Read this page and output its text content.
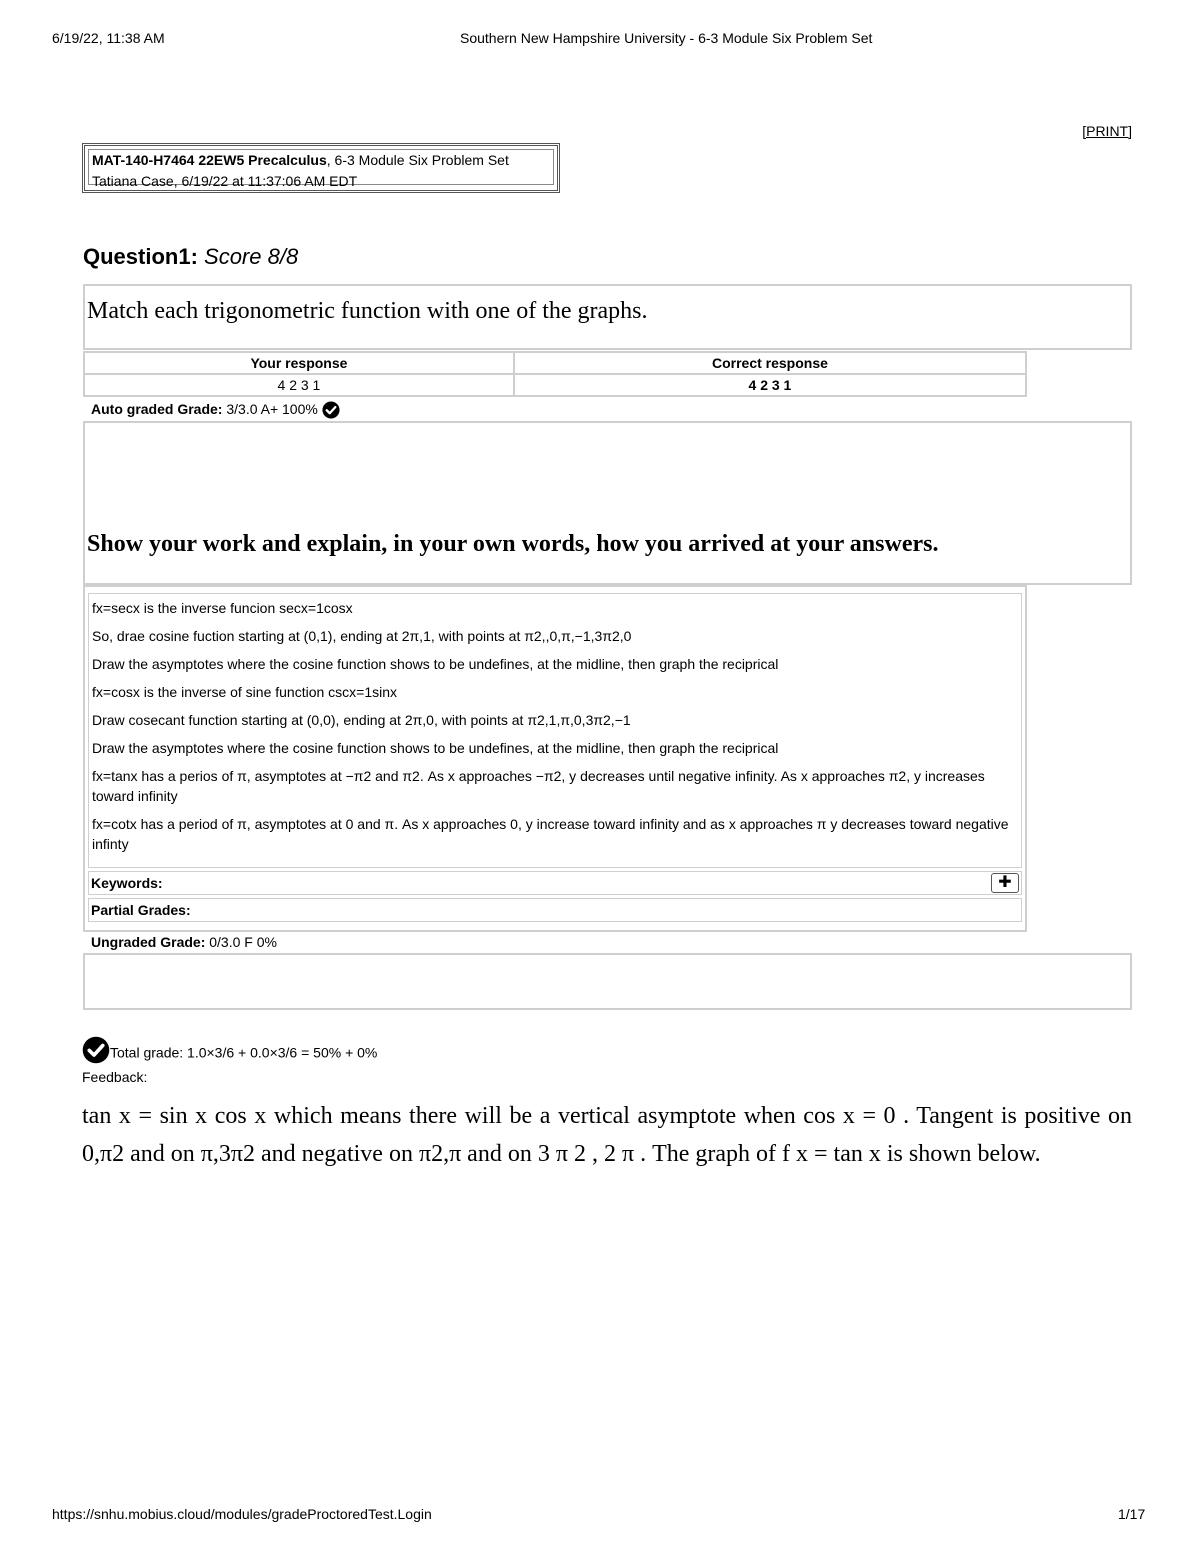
6/19/22, 11:38 AM	Southern New Hampshire University - 6-3 Module Six Problem Set
[PRINT]
MAT-140-H7464 22EW5 Precalculus, 6-3 Module Six Problem Set
Tatiana Case, 6/19/22 at 11:37:06 AM EDT
Question1: Score 8/8
Match each trigonometric function with one of the graphs.
Your response	Correct response
4 2 3 1	4 2 3 1
Auto graded Grade: 3/3.0 A+ 100%
Show your work and explain, in your own words, how you arrived at your answers.

fx=secx is the inverse funcion secx=1cosx

So, drae cosine fuction starting at (0,1), ending at 2π,1, with points at π2,,0,π,−1,3π2,0

Draw the asymptotes where the cosine function shows to be undefines, at the midline, then graph the reciprical

fx=cosx is the inverse of sine function cscx=1sinx

Draw cosecant function starting at (0,0), ending at 2π,0, with points at π2,1,π,0,3π2,−1

Draw the asymptotes where the cosine function shows to be undefines, at the midline, then graph the reciprical

fx=tanx has a perios of π, asymptotes at −π2 and π2. As x approaches −π2, y decreases until negative infinity. As x approaches π2, y increases toward infinity

fx=cotx has a period of π, asymptotes at 0 and π. As x approaches 0, y increase toward infinity and as x approaches π y decreases toward negative infinty

Keywords:	✚
Partial Grades:
Ungraded Grade: 0/3.0 F 0%
Total grade: 1.0×3/6 + 0.0×3/6 = 50% + 0%
Feedback:
tan x = sin x cos x which means there will be a vertical asymptote when cos x = 0 . Tangent is positive on 0,π2 and on π,3π2 and negative on π2,π and on 3 π 2 , 2 π . The graph of f x = tan x is shown below.
https://snhu.mobius.cloud/modules/gradeProctoredTest.Login	1/17
